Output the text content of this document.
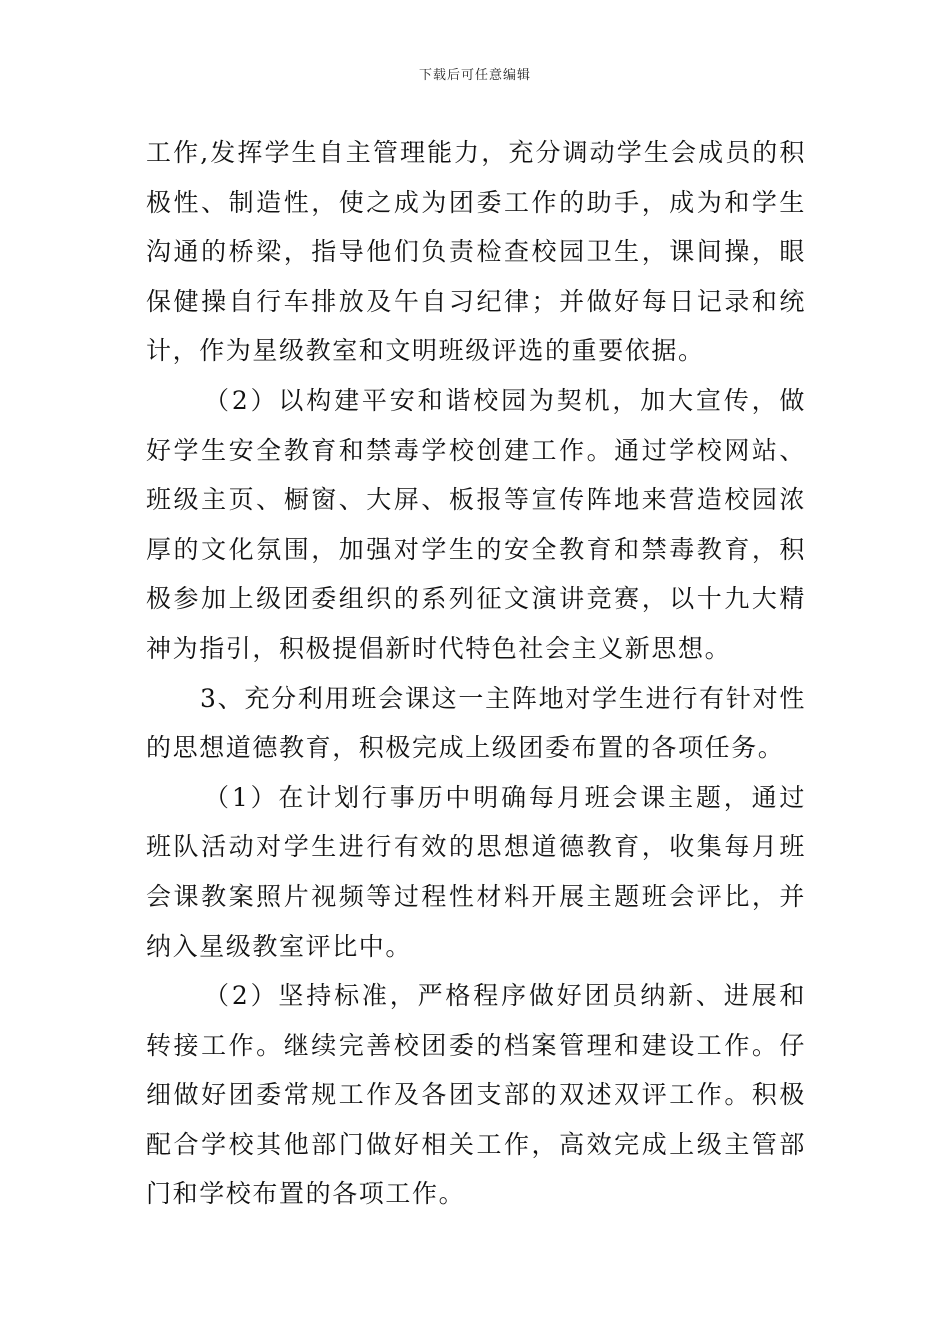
下载后可任意编辑

工作,发挥学生自主管理能力，充分调动学生会成员的积极性、制造性，使之成为团委工作的助手，成为和学生沟通的桥梁，指导他们负责检查校园卫生，课间操，眼保健操自行车排放及午自习纪律；并做好每日记录和统计，作为星级教室和文明班级评选的重要依据。

（2）以构建平安和谐校园为契机，加大宣传，做好学生安全教育和禁毒学校创建工作。通过学校网站、班级主页、橱窗、大屏、板报等宣传阵地来营造校园浓厚的文化氛围，加强对学生的安全教育和禁毒教育，积极参加上级团委组织的系列征文演讲竞赛，以十九大精神为指引，积极提倡新时代特色社会主义新思想。

3、充分利用班会课这一主阵地对学生进行有针对性的思想道德教育，积极完成上级团委布置的各项任务。

（1）在计划行事历中明确每月班会课主题，通过班队活动对学生进行有效的思想道德教育，收集每月班会课教案照片视频等过程性材料开展主题班会评比，并纳入星级教室评比中。

（2）坚持标准，严格程序做好团员纳新、进展和转接工作。继续完善校团委的档案管理和建设工作。仔细做好团委常规工作及各团支部的双述双评工作。积极配合学校其他部门做好相关工作，高效完成上级主管部门和学校布置的各项工作。
